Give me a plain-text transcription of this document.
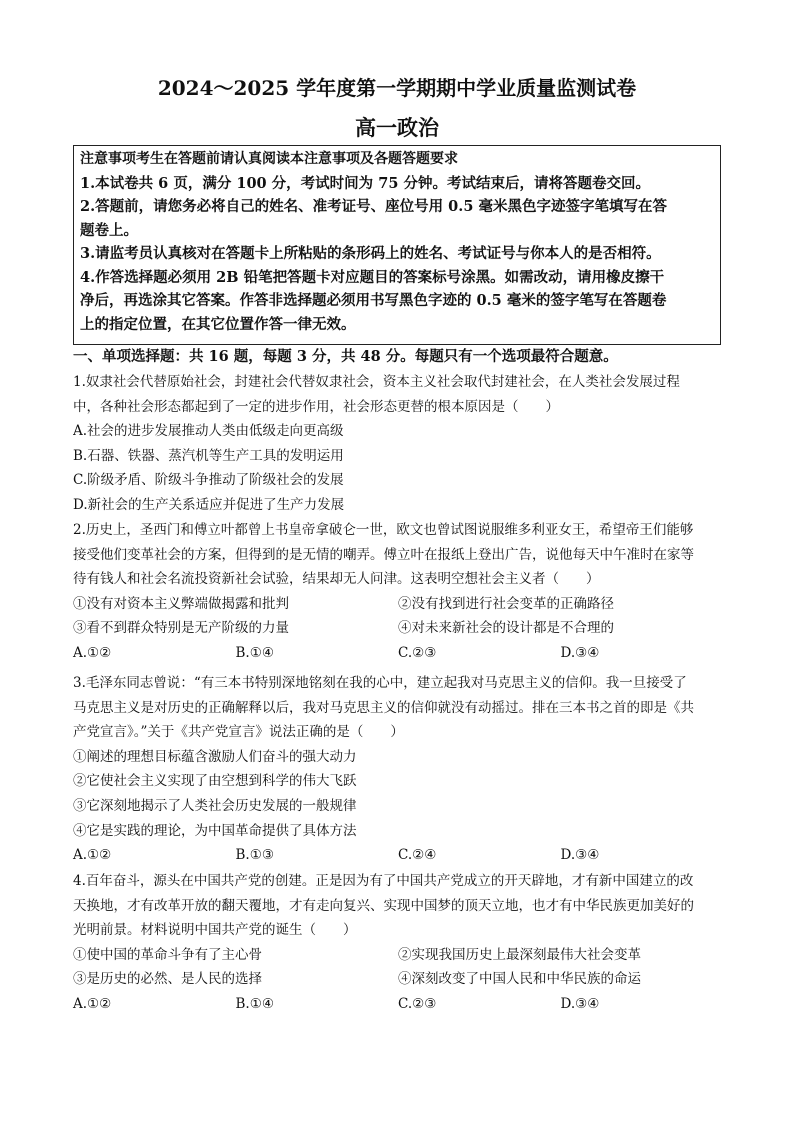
2024～2025 学年度第一学期期中学业质量监测试卷
高一政治
注意事项考生在答题前请认真阅读本注意事项及各题答题要求
1.本试卷共 6 页，满分 100 分，考试时间为 75 分钟。考试结束后，请将答题卷交回。
2.答题前，请您务必将自己的姓名、准考证号、座位号用 0.5 毫米黑色字迹签字笔填写在答
题卷上。
3.请监考员认真核对在答题卡上所粘贴的条形码上的姓名、考试证号与你本人的是否相符。
4.作答选择题必须用 2B 铅笔把答题卡对应题目的答案标号涂黑。如需改动，请用橡皮擦干
净后，再选涂其它答案。作答非选择题必须用书写黑色字迹的 0.5 毫米的签字笔写在答题卷
上的指定位置，在其它位置作答一律无效。
一、单项选择题：共 16 题，每题 3 分，共 48 分。每题只有一个选项最符合题意。
1.奴隶社会代替原始社会，封建社会代替奴隶社会，资本主义社会取代封建社会，在人类社会发展过程
中，各种社会形态都起到了一定的进步作用，社会形态更替的根本原因是（　　）
A.社会的进步发展推动人类由低级走向更高级
B.石器、铁器、蒸汽机等生产工具的发明运用
C.阶级矛盾、阶级斗争推动了阶级社会的发展
D.新社会的生产关系适应并促进了生产力发展
2.历史上，圣西门和傅立叶都曾上书皇帝拿破仑一世，欧文也曾试图说服维多利亚女王，希望帝王们能够
接受他们变革社会的方案，但得到的是无情的嘲弄。傅立叶在报纸上登出广告，说他每天中午准时在家等
待有钱人和社会名流投资新社会试验，结果却无人问津。这表明空想社会主义者（　　）
①没有对资本主义弊端做揭露和批判	②没有找到进行社会变革的正确路径
③看不到群众特别是无产阶级的力量	④对未来新社会的设计都是不合理的
A.①②	B.①④	C.②③	D.③④
3.毛泽东同志曾说：“有三本书特别深地铭刻在我的心中，建立起我对马克思主义的信仰。我一旦接受了
马克思主义是对历史的正确解释以后，我对马克思主义的信仰就没有动摇过。排在三本书之首的即是《共
产党宣言》。”关于《共产党宣言》说法正确的是（　　）
①阐述的理想目标蕴含激励人们奋斗的强大动力
②它使社会主义实现了由空想到科学的伟大飞跃
③它深刻地揭示了人类社会历史发展的一般规律
④它是实践的理论，为中国革命提供了具体方法
A.①②	B.①③	C.②④	D.③④
4.百年奋斗，源头在中国共产党的创建。正是因为有了中国共产党成立的开天辟地，才有新中国建立的改
天换地，才有改革开放的翻天覆地，才有走向复兴、实现中国梦的顶天立地，也才有中华民族更加美好的
光明前景。材料说明中国共产党的诞生（　　）
①使中国的革命斗争有了主心骨	②实现我国历史上最深刻最伟大社会变革
③是历史的必然、是人民的选择	④深刻改变了中国人民和中华民族的命运
A.①②	B.①④	C.②③	D.③④
